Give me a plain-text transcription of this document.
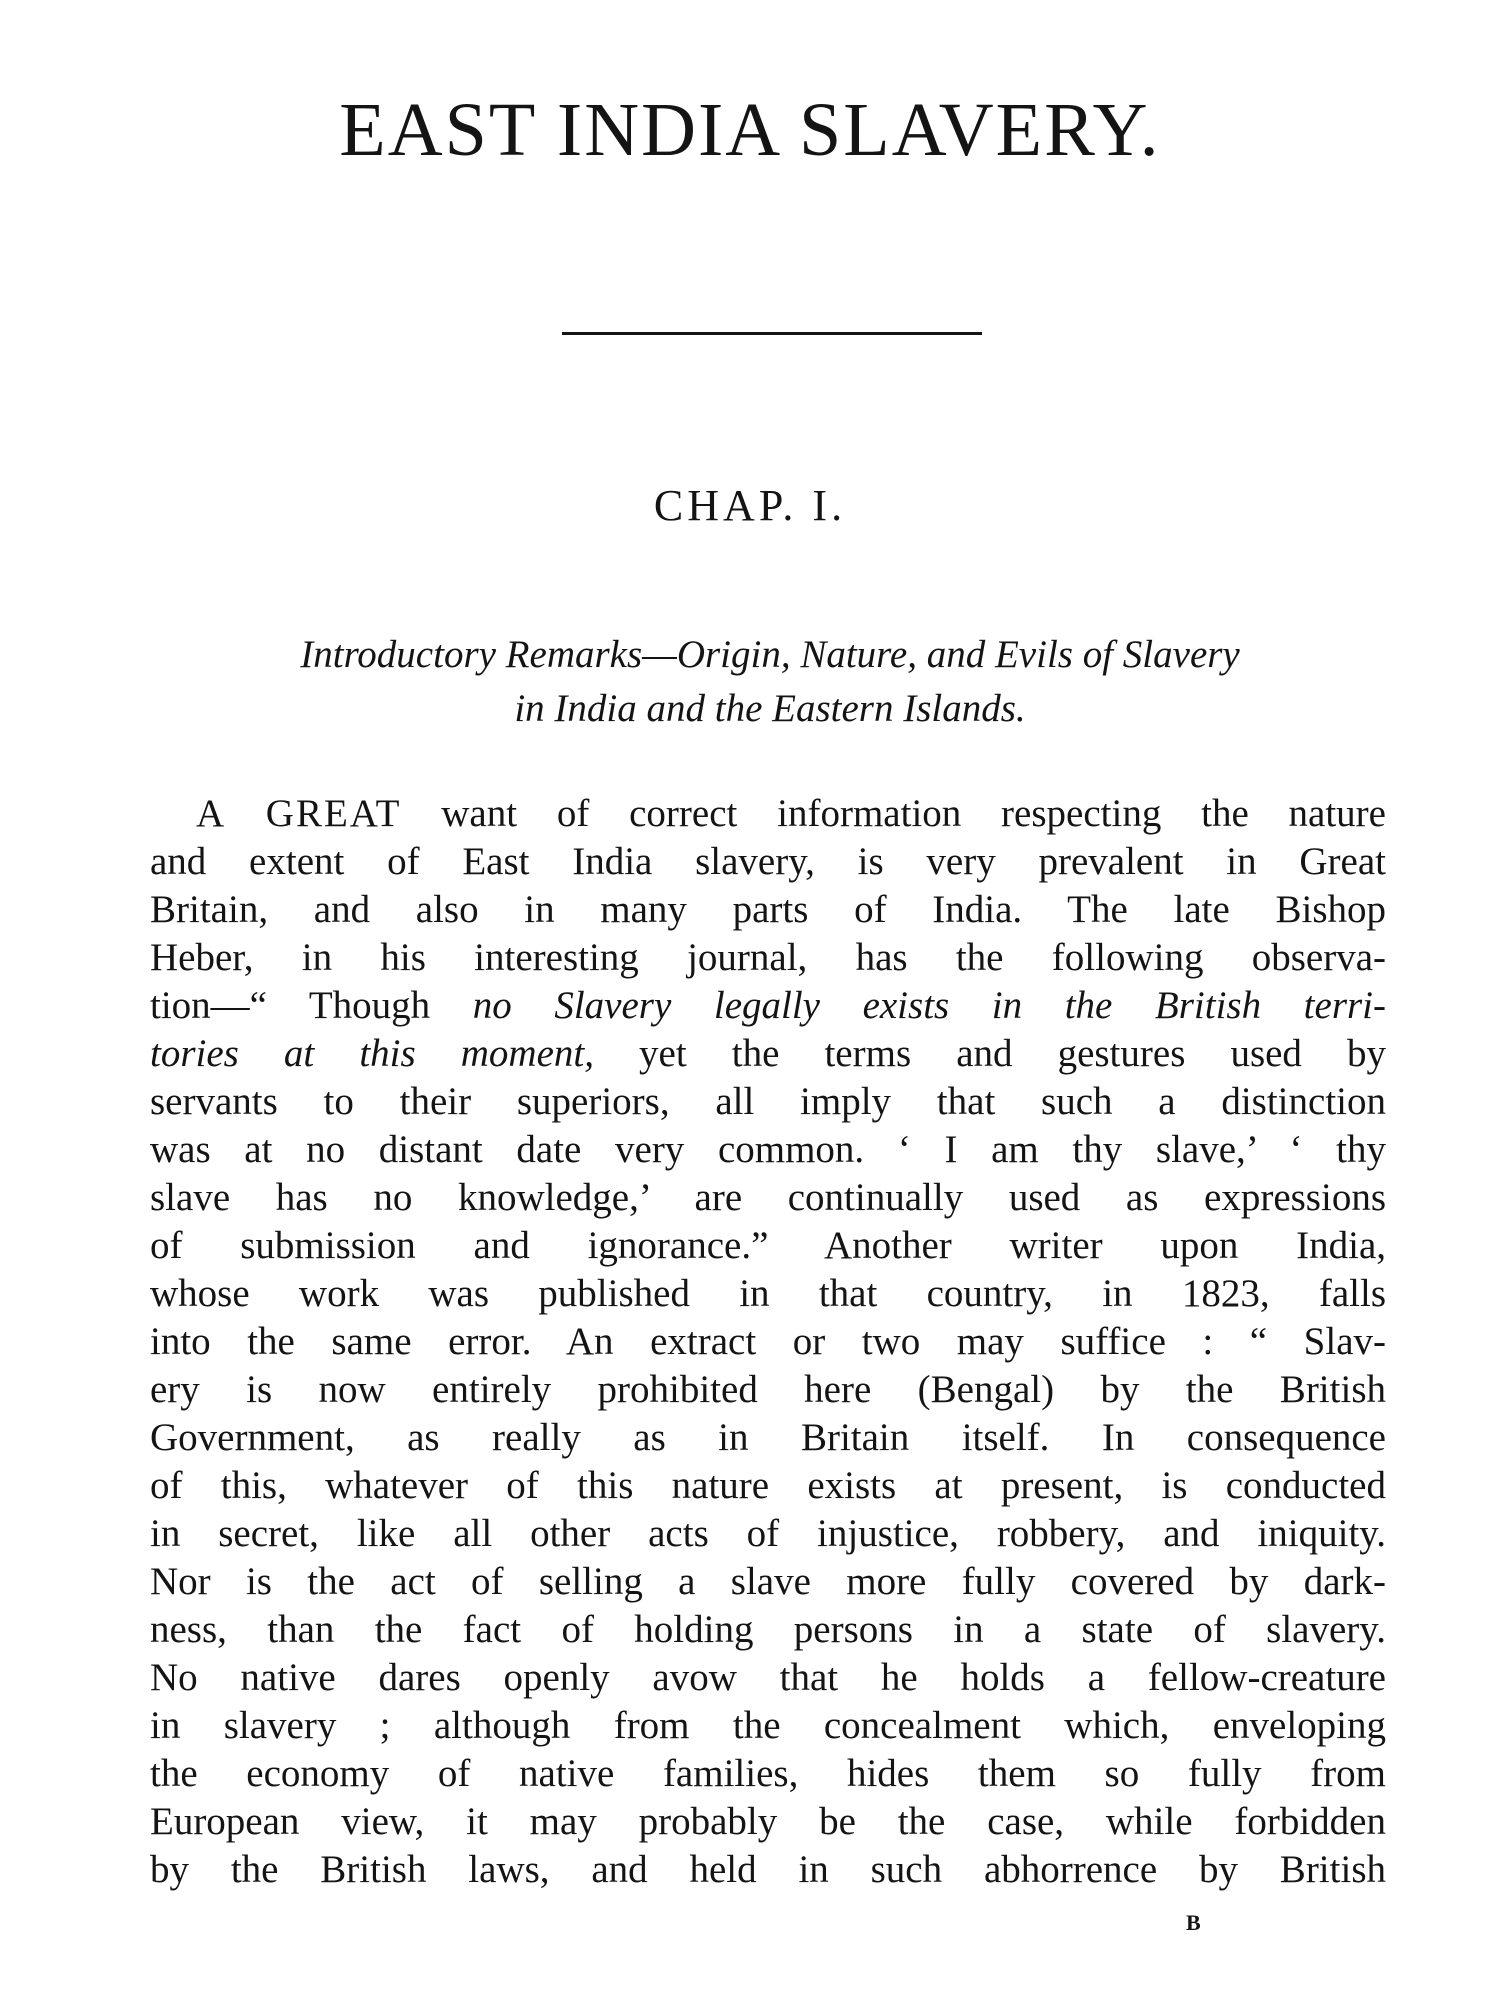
EAST INDIA SLAVERY.
CHAP. I.

Introductory Remarks—Origin, Nature, and Evils of Slavery
in India and the Eastern Islands.

A GREAT want of correct information respecting the nature
and extent of East India slavery, is very prevalent in Great
Britain, and also in many parts of India. The late Bishop
Heber, in his interesting journal, has the following observa-
tion—“ Though no Slavery legally exists in the British terri-
tories at this moment, yet the terms and gestures used by
servants to their superiors, all imply that such a distinction
was at no distant date very common. ‘ I am thy slave,’ ‘ thy
slave has no knowledge,’ are continually used as expressions
of submission and ignorance.” Another writer upon India,
whose work was published in that country, in 1823, falls
into the same error. An extract or two may suffice : “ Slav-
ery is now entirely prohibited here (Bengal) by the British
Government, as really as in Britain itself. In consequence
of this, whatever of this nature exists at present, is conducted
in secret, like all other acts of injustice, robbery, and iniquity.
Nor is the act of selling a slave more fully covered by dark-
ness, than the fact of holding persons in a state of slavery.
No native dares openly avow that he holds a fellow-creature
in slavery ; although from the concealment which, enveloping
the economy of native families, hides them so fully from
European view, it may probably be the case, while forbidden
by the British laws, and held in such abhorrence by British
B
